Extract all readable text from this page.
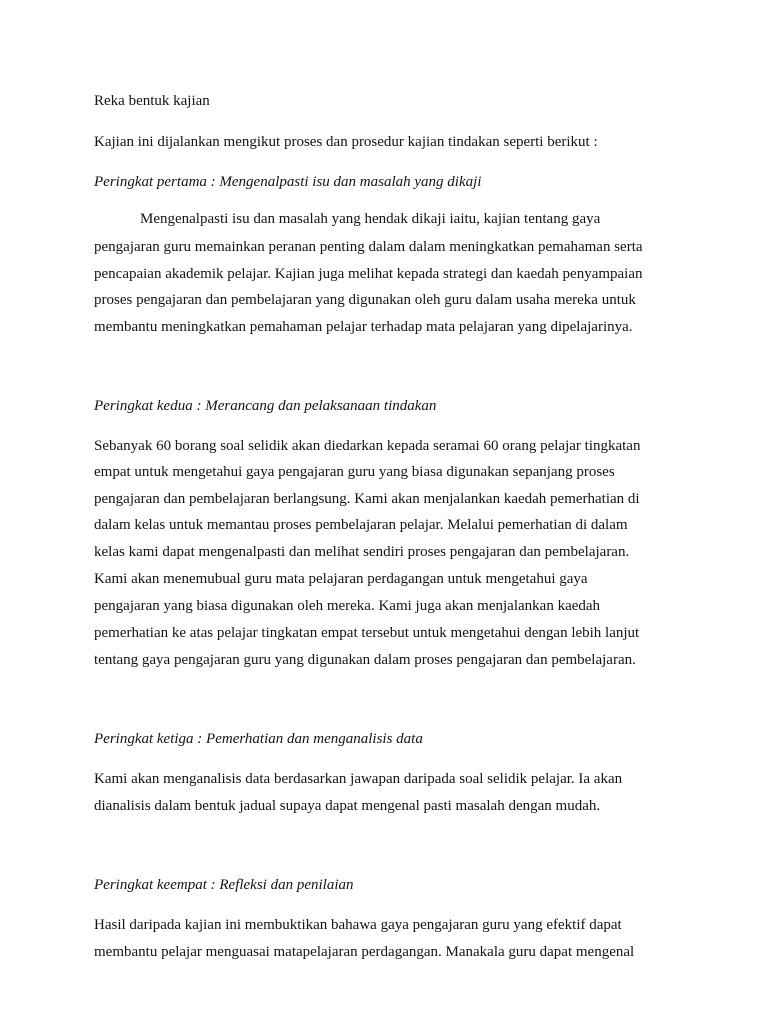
Reka bentuk kajian
Kajian ini dijalankan mengikut proses dan prosedur kajian tindakan seperti berikut :
Peringkat pertama : Mengenalpasti isu dan masalah yang dikaji
Mengenalpasti isu dan masalah yang hendak dikaji iaitu, kajian tentang gaya
pengajaran guru memainkan peranan penting dalam dalam meningkatkan pemahaman serta
pencapaian akademik pelajar. Kajian juga melihat kepada strategi dan kaedah penyampaian
proses pengajaran dan pembelajaran yang digunakan oleh guru dalam usaha mereka untuk
membantu meningkatkan pemahaman pelajar terhadap mata pelajaran yang dipelajarinya.
Peringkat kedua : Merancang dan pelaksanaan tindakan
Sebanyak 60 borang soal selidik akan diedarkan kepada seramai 60 orang pelajar tingkatan
empat untuk mengetahui gaya pengajaran guru yang biasa digunakan sepanjang proses
pengajaran dan pembelajaran berlangsung. Kami akan menjalankan kaedah pemerhatian di
dalam kelas untuk memantau proses pembelajaran pelajar. Melalui pemerhatian di dalam
kelas kami dapat mengenalpasti dan melihat sendiri proses pengajaran dan pembelajaran.
Kami akan menemubual guru mata pelajaran perdagangan untuk mengetahui gaya
pengajaran yang biasa digunakan oleh mereka. Kami juga akan menjalankan kaedah
pemerhatian ke atas pelajar tingkatan empat tersebut untuk mengetahui dengan lebih lanjut
tentang gaya pengajaran guru yang digunakan dalam proses pengajaran dan pembelajaran.
Peringkat ketiga : Pemerhatian dan menganalisis data
Kami akan menganalisis data berdasarkan jawapan daripada soal selidik pelajar. Ia akan
dianalisis dalam bentuk jadual supaya dapat mengenal pasti masalah dengan mudah.
Peringkat keempat : Refleksi dan penilaian
Hasil daripada kajian ini membuktikan bahawa gaya pengajaran guru yang efektif dapat
membantu pelajar menguasai matapelajaran perdagangan. Manakala guru dapat mengenal
